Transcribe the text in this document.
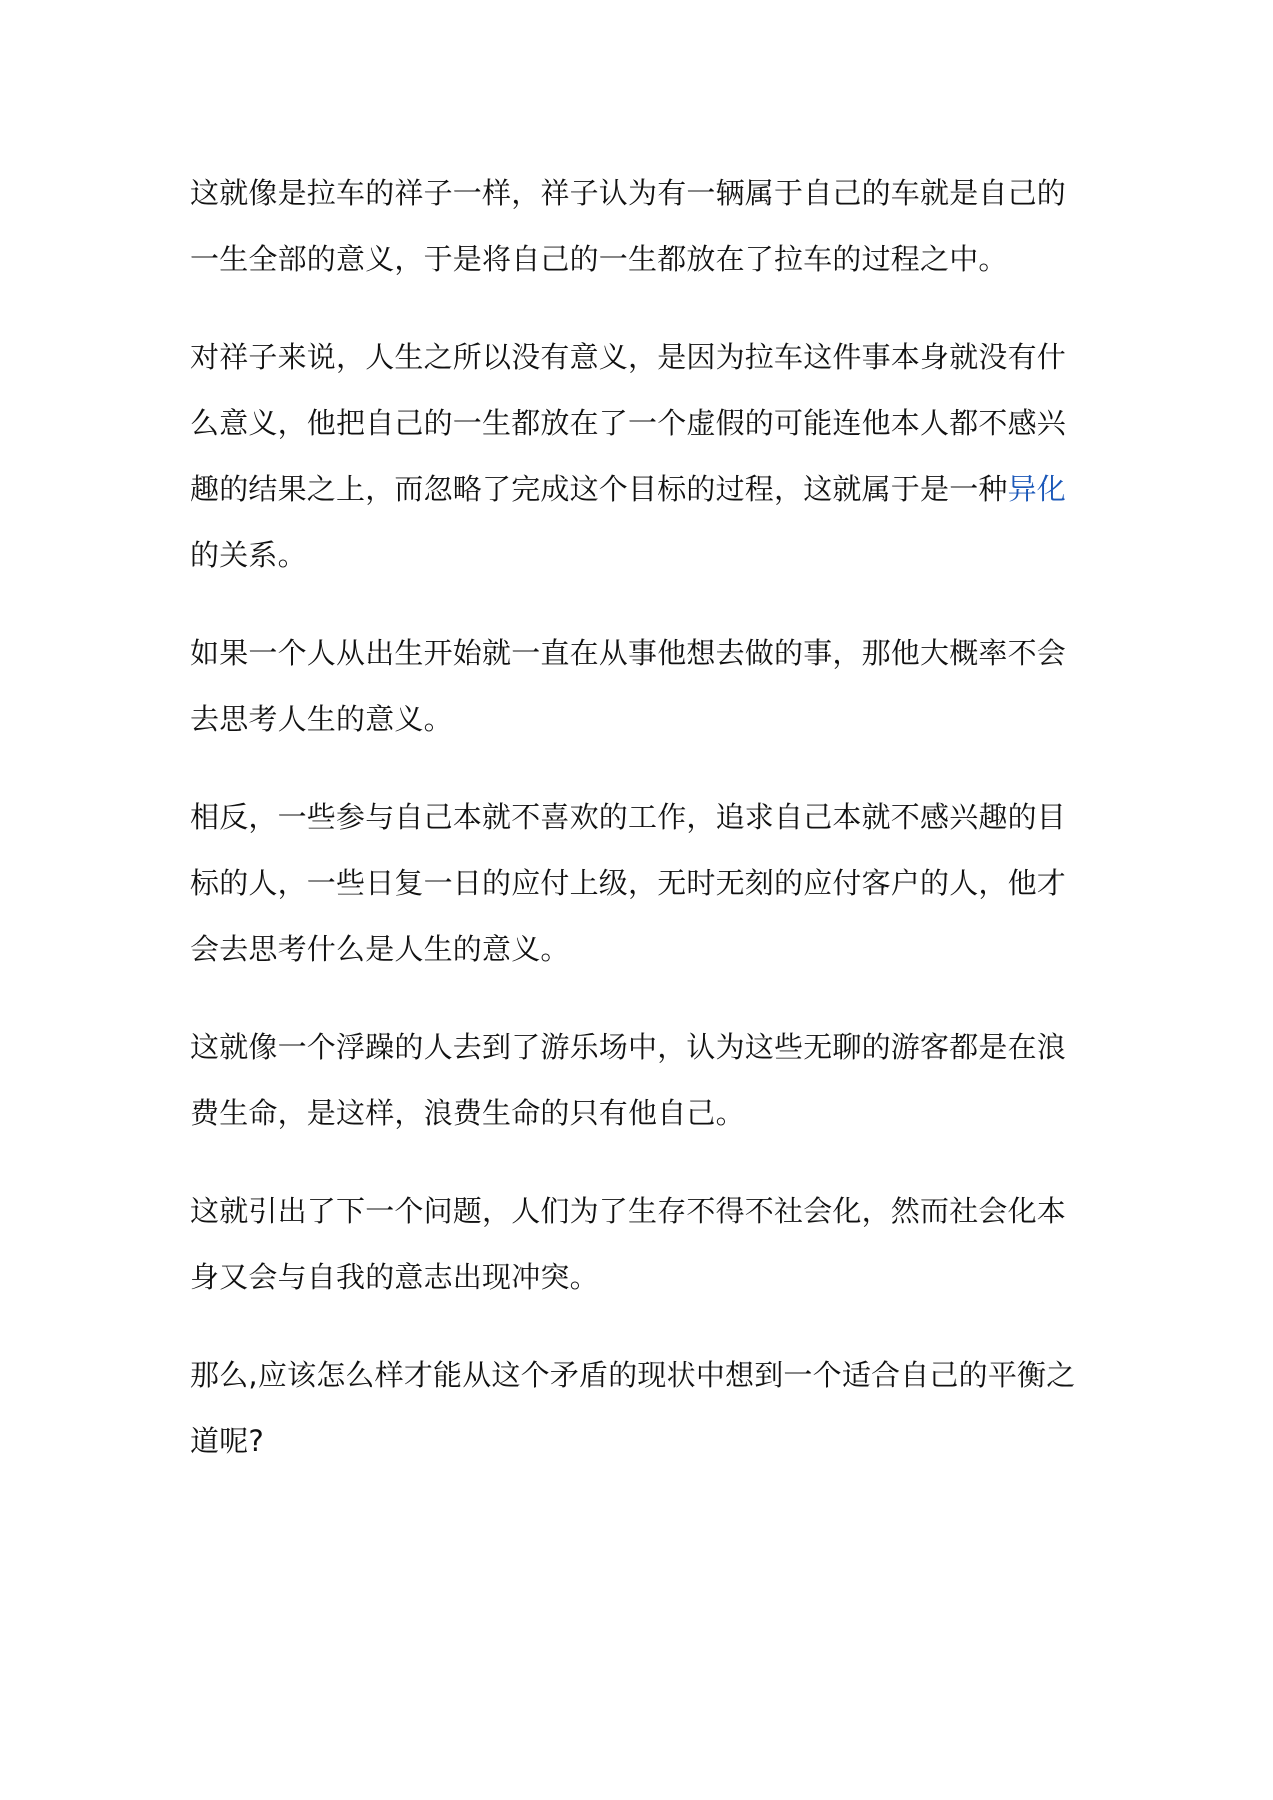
这就像是拉车的祥子一样，祥子认为有一辆属于自己的车就是自己的一生全部的意义，于是将自己的一生都放在了拉车的过程之中。

对祥子来说，人生之所以没有意义，是因为拉车这件事本身就没有什么意义，他把自己的一生都放在了一个虚假的可能连他本人都不感兴趣的结果之上，而忽略了完成这个目标的过程，这就属于是一种异化的关系。

如果一个人从出生开始就一直在从事他想去做的事，那他大概率不会去思考人生的意义。

相反，一些参与自己本就不喜欢的工作，追求自己本就不感兴趣的目标的人，一些日复一日的应付上级，无时无刻的应付客户的人，他才会去思考什么是人生的意义。

这就像一个浮躁的人去到了游乐场中，认为这些无聊的游客都是在浪费生命，是这样，浪费生命的只有他自己。

这就引出了下一个问题，人们为了生存不得不社会化，然而社会化本身又会与自我的意志出现冲突。

那么,应该怎么样才能从这个矛盾的现状中想到一个适合自己的平衡之道呢?
